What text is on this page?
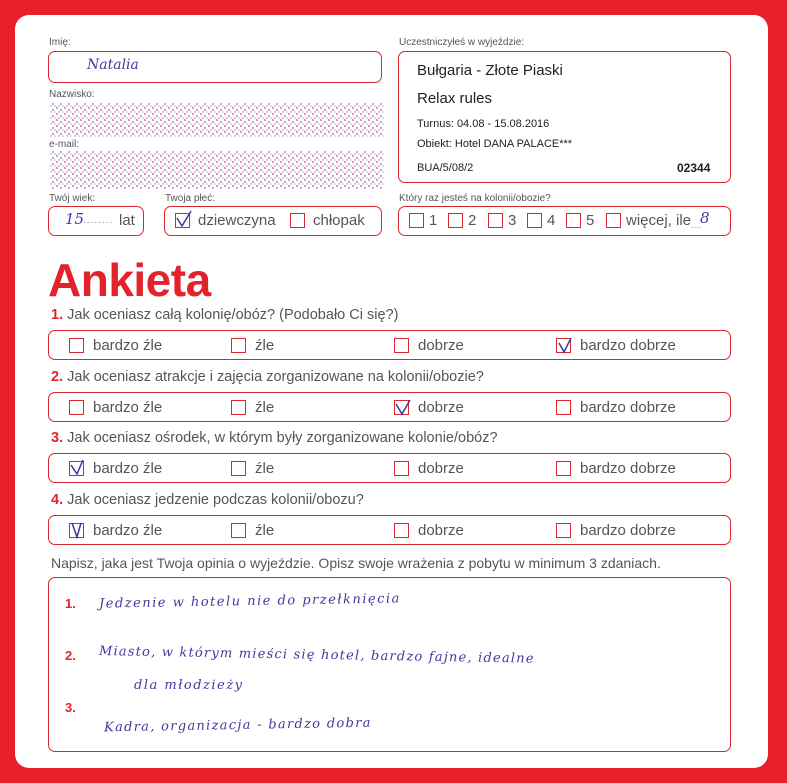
Imię:
Natalia
Nazwisko:
e-mail:
Twój wiek:
15
........ lat
Twoja płeć:
dziewczyna chłopak
Uczestniczyłeś w wyjeździe:
Bułgaria - Złote Piaski
Relax rules
Turnus: 04.08 - 15.08.2016
Obiekt: Hotel DANA PALACE***
BUA/5/08/2	02344
Który raz jesteś na kolonii/obozie?
1 2 3 4 5 więcej, ile ....
8
Ankieta
1. Jak oceniasz całą kolonię/obóz? (Podobało Ci się?)
bardzo źle	źle	dobrze	bardzo dobrze
2. Jak oceniasz atrakcje i zajęcia zorganizowane na kolonii/obozie?
bardzo źle	źle	dobrze	bardzo dobrze
3. Jak oceniasz ośrodek, w którym były zorganizowane kolonie/obóz?
bardzo źle	źle	dobrze	bardzo dobrze
4. Jak oceniasz jedzenie podczas kolonii/obozu?
bardzo źle	źle	dobrze	bardzo dobrze
Napisz, jaka jest Twoja opinia o wyjeździe. Opisz swoje wrażenia z pobytu w minimum 3 zdaniach.
1. Jedzenie w hotelu nie do przełknięcia
2. Miasto, w którym mieści się hotel, bardzo fajne, idealne
dla młodzieży
3.
Kadra, organizacja - bardzo dobra
